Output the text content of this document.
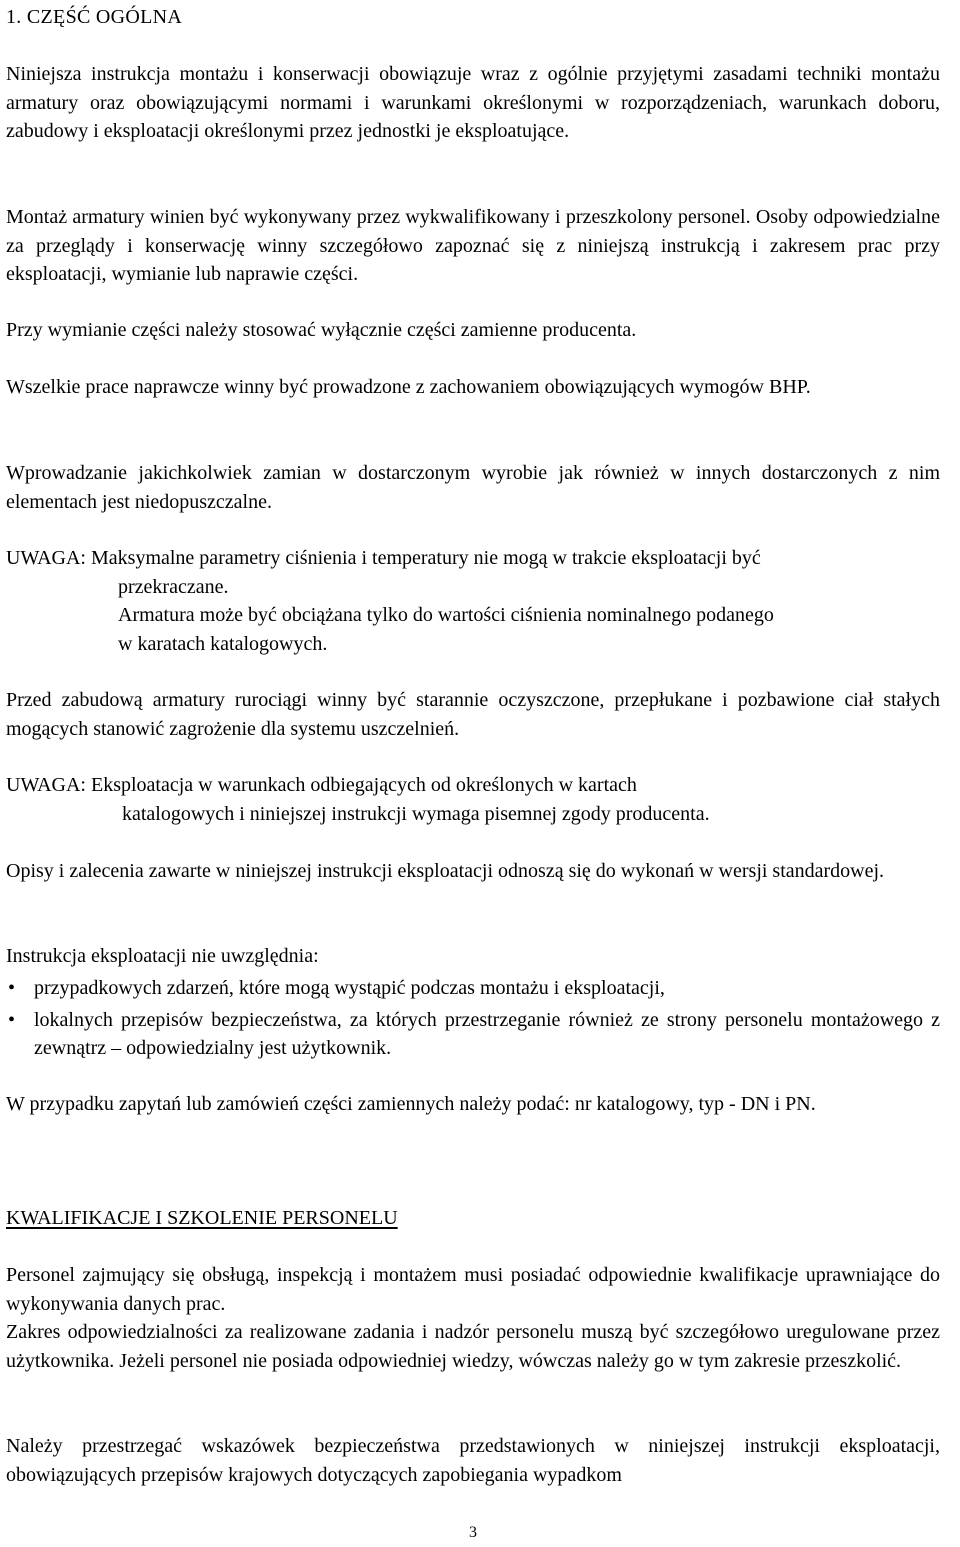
1. CZĘŚĆ OGÓLNA

Niniejsza instrukcja montażu i konserwacji obowiązuje wraz z ogólnie przyjętymi zasadami techniki montażu armatury oraz obowiązującymi normami i warunkami określonymi w rozporządzeniach, warunkach doboru, zabudowy i eksploatacji określonymi przez jednostki je eksploatujące.

Montaż armatury winien być wykonywany przez wykwalifikowany i przeszkolony personel. Osoby odpowiedzialne za przeglądy i konserwację winny szczegółowo zapoznać się z niniejszą instrukcją i zakresem prac przy eksploatacji, wymianie lub naprawie części.

Przy wymianie części należy stosować wyłącznie części zamienne producenta.

Wszelkie prace naprawcze winny być prowadzone z zachowaniem obowiązujących wymogów BHP.

Wprowadzanie jakichkolwiek zamian w dostarczonym wyrobie jak również w innych dostarczonych z nim elementach jest niedopuszczalne.

UWAGA: Maksymalne parametry ciśnienia i temperatury nie mogą w trakcie eksploatacji być
przekraczane.
Armatura może być obciążana tylko do wartości ciśnienia nominalnego podanego
w karatach katalogowych.

Przed zabudową armatury rurociągi winny być starannie oczyszczone, przepłukane i pozbawione ciał stałych mogących stanowić zagrożenie dla systemu uszczelnień.

UWAGA: Eksploatacja w warunkach odbiegających od określonych w kartach
katalogowych i niniejszej instrukcji wymaga pisemnej zgody producenta.

Opisy i zalecenia zawarte w niniejszej instrukcji eksploatacji odnoszą się do wykonań w wersji standardowej.

Instrukcja eksploatacji nie uwzględnia:

• przypadkowych zdarzeń, które mogą wystąpić podczas montażu i eksploatacji,
• lokalnych przepisów bezpieczeństwa, za których przestrzeganie również ze strony personelu montażowego z zewnątrz – odpowiedzialny jest użytkownik.

W przypadku zapytań lub zamówień części zamiennych należy podać: nr katalogowy, typ - DN i PN.

KWALIFIKACJE I SZKOLENIE PERSONELU

Personel zajmujący się obsługą, inspekcją i montażem musi posiadać odpowiednie kwalifikacje uprawniające do wykonywania danych prac.

Zakres odpowiedzialności za realizowane zadania i nadzór personelu muszą być szczegółowo uregulowane przez użytkownika. Jeżeli personel nie posiada odpowiedniej wiedzy, wówczas należy go w tym zakresie przeszkolić.

Należy przestrzegać wskazówek bezpieczeństwa przedstawionych w niniejszej instrukcji eksploatacji, obowiązujących przepisów krajowych dotyczących zapobiegania wypadkom

3
